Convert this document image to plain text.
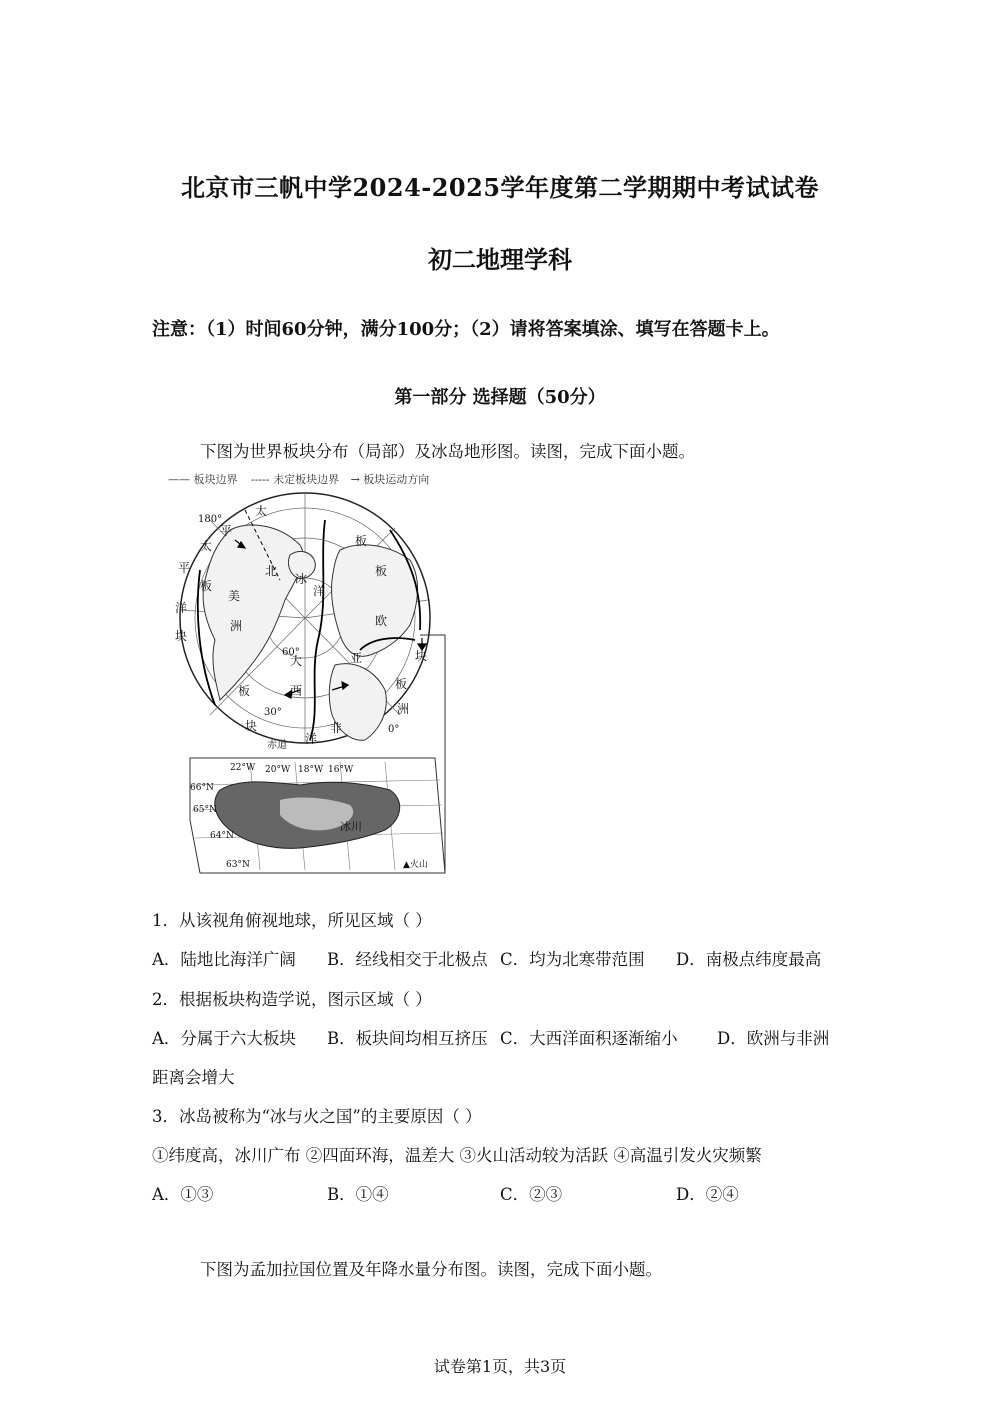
北京市三帆中学2024-2025学年度第二学期期中考试试卷
初二地理学科
注意：（1）时间60分钟，满分100分；（2）请将答案填涂、填写在答题卡上。
第一部分 选择题（50分）
下图为世界板块分布（局部）及冰岛地形图。读图，完成下面小题。
—— 板块边界 ----- 未定板块边界 → 板块运动方向
太
平
平
太
板
洋
块
北
美
洲
冰
洋
板
板
欧
块
亚
板
洲
大
西
洋
非
板
块
180°
60°
30°
0°
赤道
22°W 20°W 18°W 16°W
66°N
65°N
64°N
63°N	▲火山
冰川
1．从该视角俯视地球，所见区域（ ）
A．陆地比海洋广阔 B．经线相交于北极点 C．均为北寒带范围 D．南极点纬度最高
2．根据板块构造学说，图示区域（ ）
A．分属于六大板块 B．板块间均相互挤压 C．大西洋面积逐渐缩小 D．欧洲与非洲
距离会增大
3．冰岛被称为“冰与火之国”的主要原因（ ）
①纬度高，冰川广布 ②四面环海，温差大 ③火山活动较为活跃 ④高温引发火灾频繁
A．①③	B．①④	C．②③	D．②④
下图为孟加拉国位置及年降水量分布图。读图，完成下面小题。
试卷第1页，共3页
